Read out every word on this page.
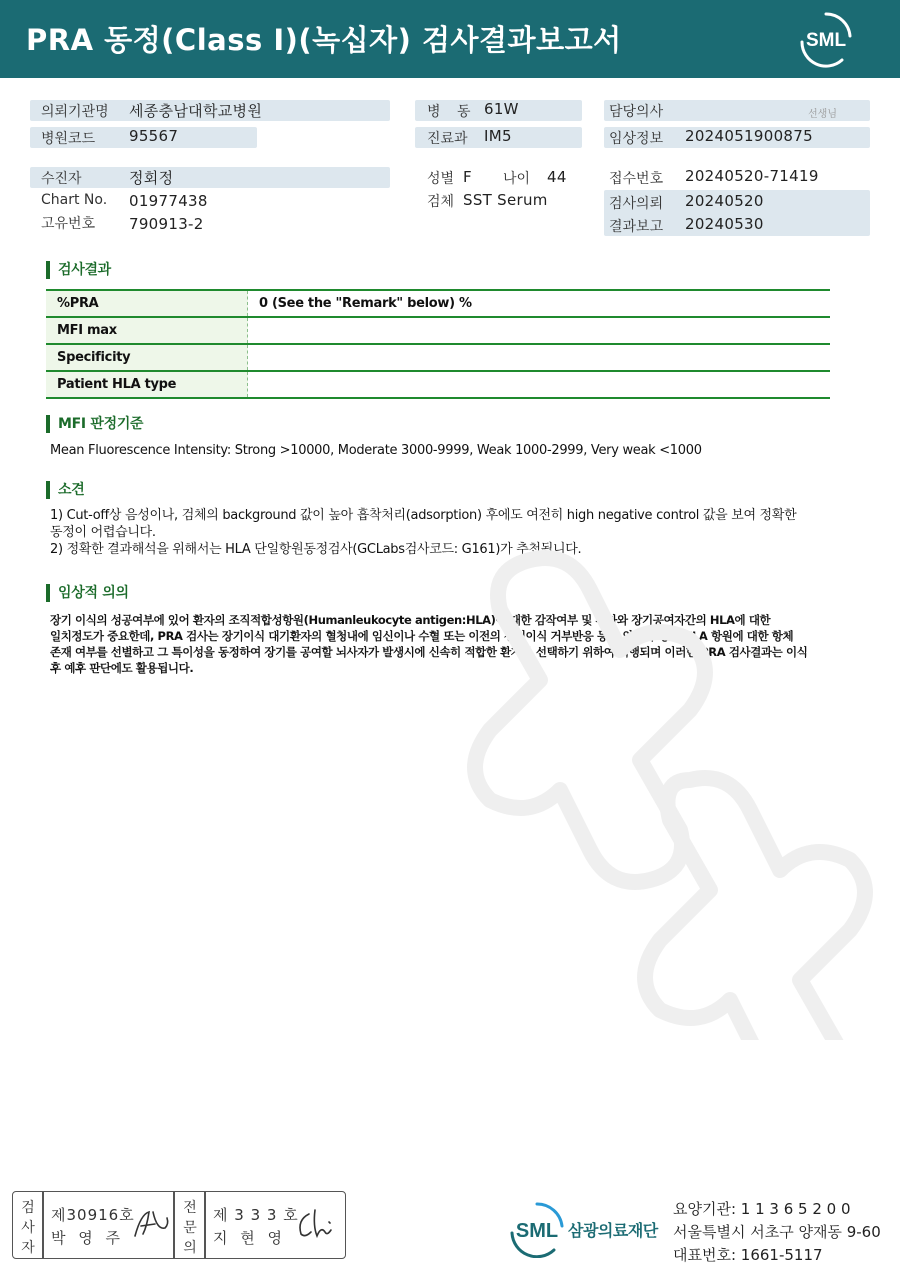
PRA 동정(Class I)(녹십자) 검사결과보고서	SML
의뢰기관명 세종충남대학교병원
병원코드 95567
병 동 61W
진료과 IM5
담당의사	선생님
임상정보 2024051900875
수진자	정회정
Chart No. 01977438
고유번호 790913-2
성별 F 나이 44
검체 SST Serum
접수번호 20240520-71419
검사의뢰 20240520
결과보고 20240530
검사결과
%PRA	0 (See the "Remark" below) %
MFI max	
Specificity	
Patient HLA type	
MFI 판정기준
Mean Fluorescence Intensity: Strong >10000, Moderate 3000-9999, Weak 1000-2999, Very weak <1000
소견
1) Cut-off상 음성이나, 검체의 background 값이 높아 흡착처리(adsorption) 후에도 여전히 high negative control 값을 보여 정확한
동정이 어렵습니다.
2) 정확한 결과해석을 위해서는 HLA 단일항원동정검사(GCLabs검사코드: G161)가 추천됩니다.
임상적 의의
장기 이식의 성공여부에 있어 환자의 조직적합성항원(Humanleukocyte antigen:HLA)에 대한 감작여부 및 환자와 장기공여자간의 HLA에 대한
일치정도가 중요한데, PRA 검사는 장기이식 대기환자의 혈청내에 임신이나 수혈 또는 이전의 장기이식 거부반응 등에 의하여 생긴 HLA 항원에 대한 항체
존재 여부를 선별하고 그 특이성을 동정하여 장기를 공여할 뇌사자가 발생시에 신속히 적합한 환자를 선택하기 위하여 시행되며 이러한 PRA 검사결과는 이식
후 예후 판단에도 활용됩니다.
검
사
자
제30916호
박 영 주
전
문
의
제 3 3 3 호
지 현 영	SML 삼광의료재단
요양기관: 1 1 3 6 5 2 0 0
서울특별시 서초구 양재동 9-60
대표번호: 1661-5117
